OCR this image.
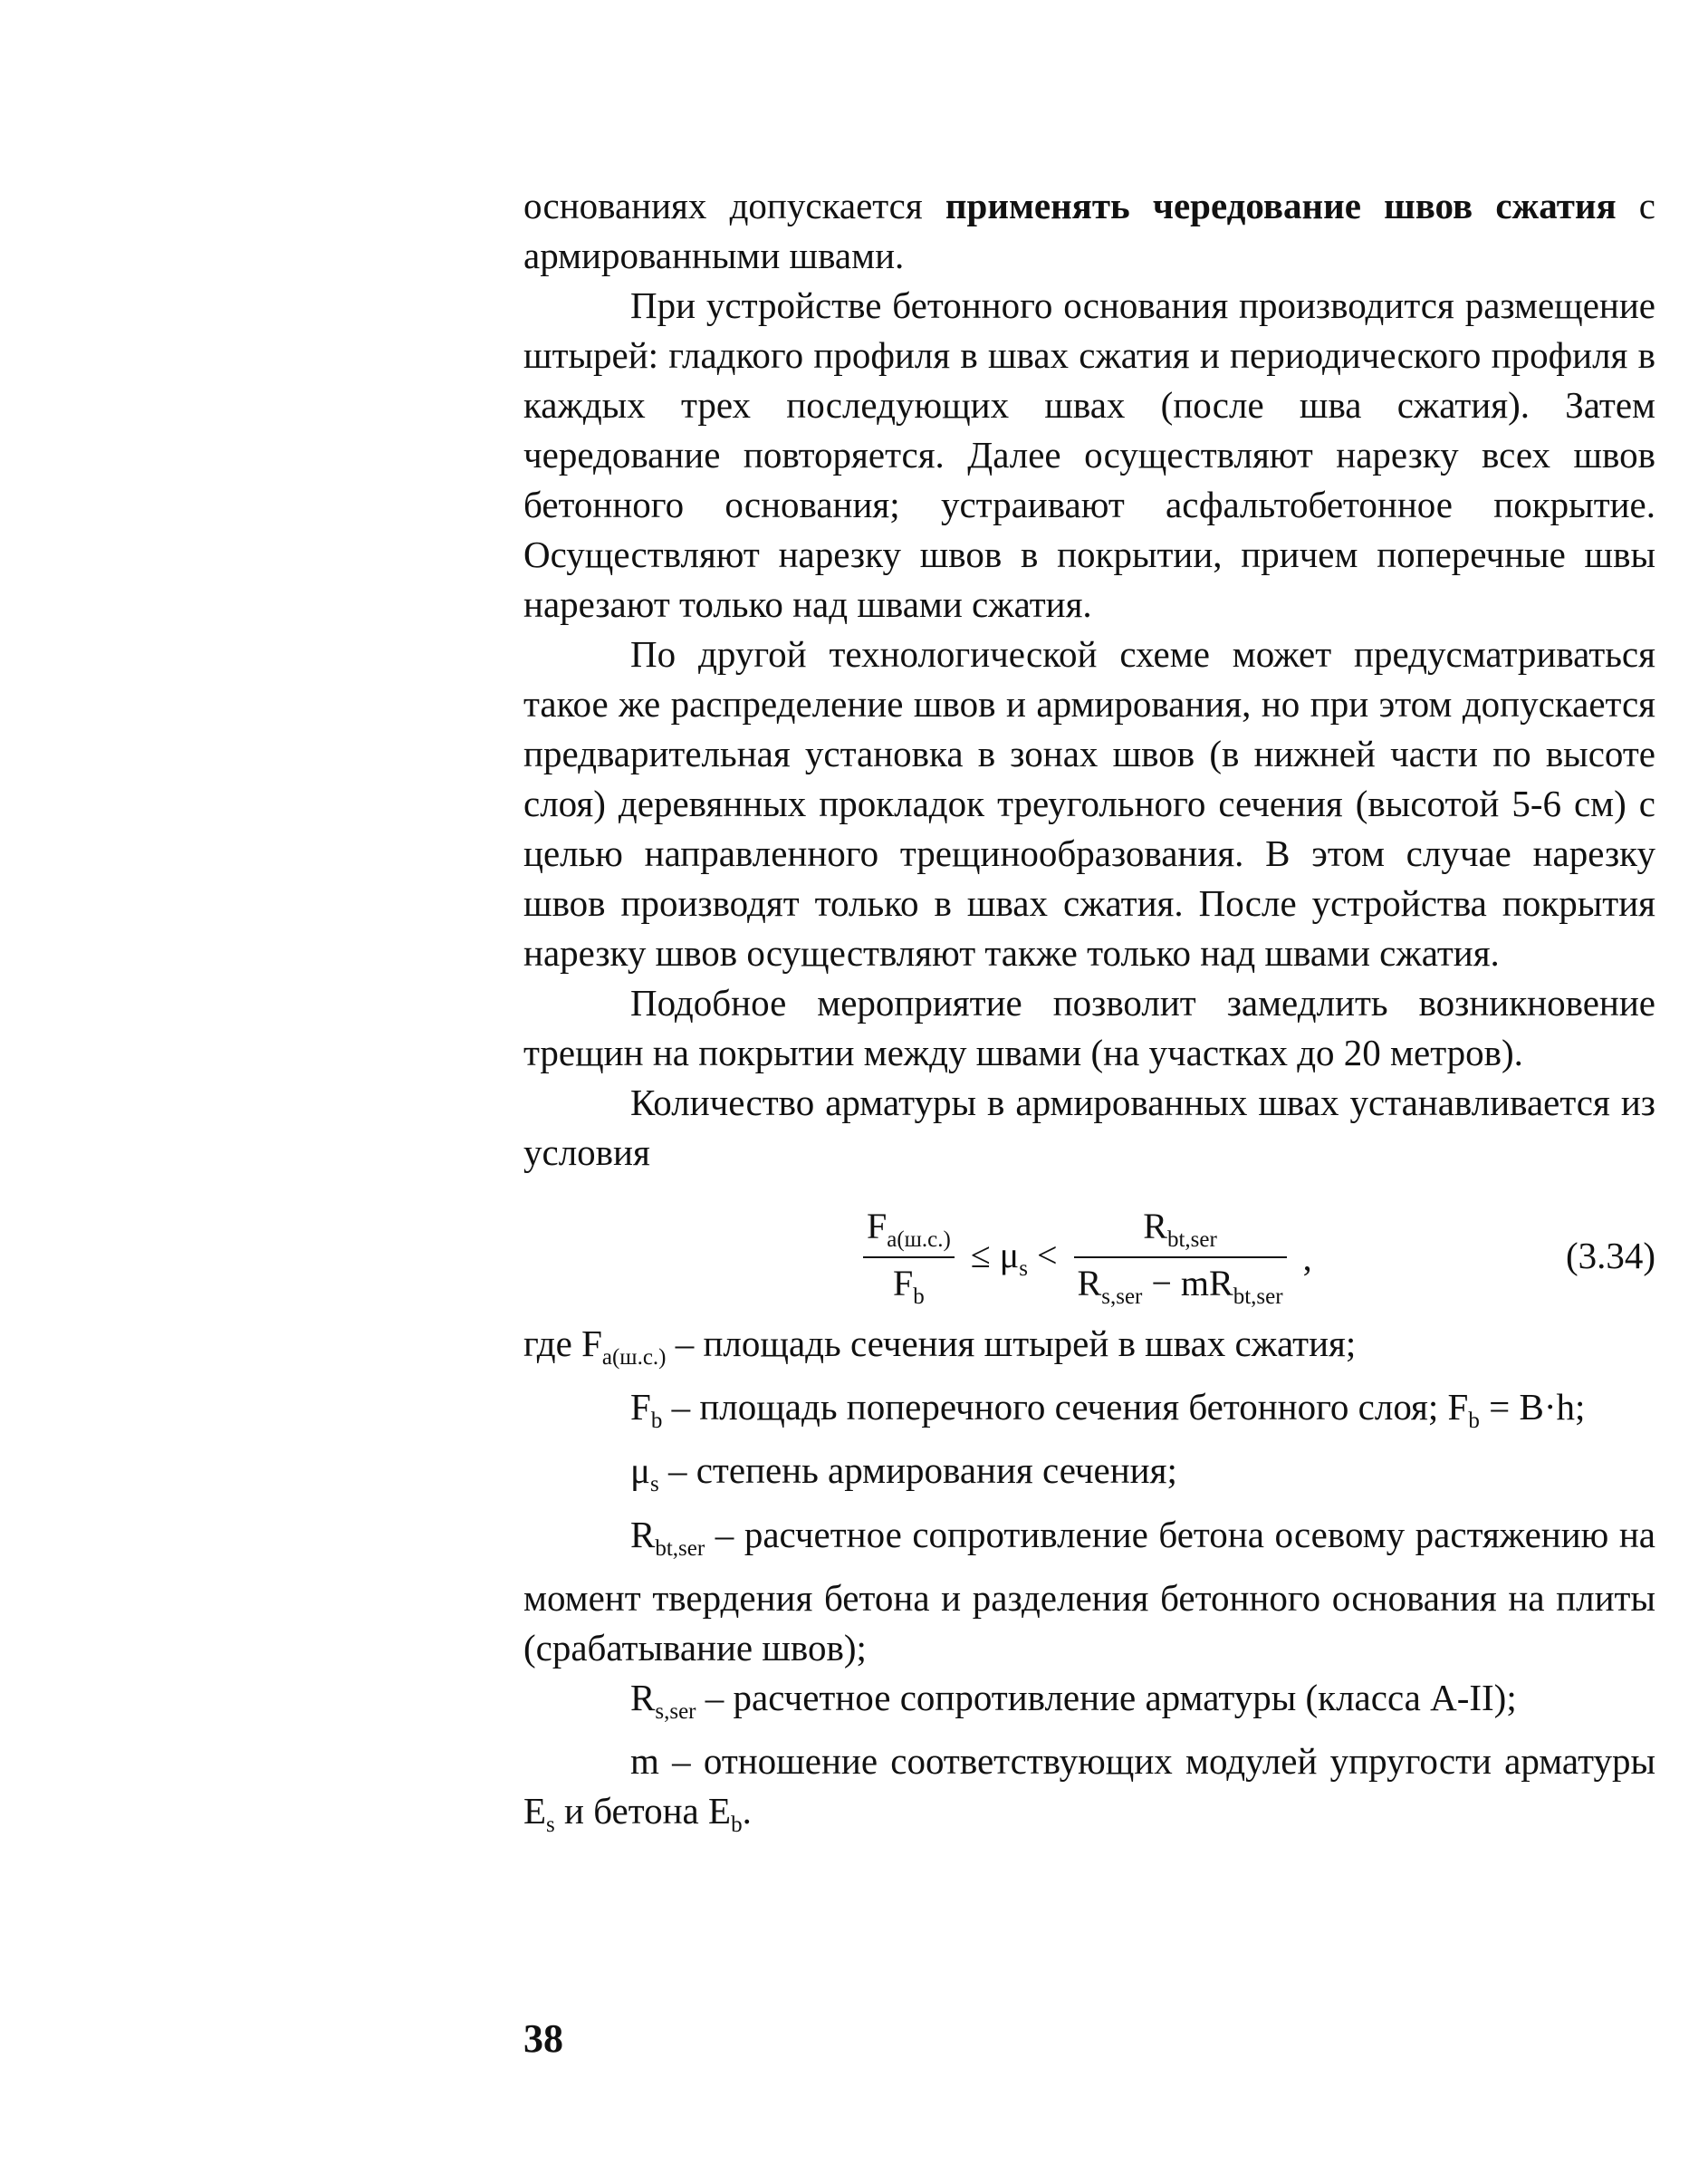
основаниях допускается применять чередование швов сжатия с армированными швами.

При устройстве бетонного основания производится размещение штырей: гладкого профиля в швах сжатия и периодического профиля в каждых трех последующих швах (после шва сжатия). Затем чередование повторяется. Далее осуществляют нарезку всех швов бетонного основания; устраивают асфальтобетонное покрытие. Осуществляют нарезку швов в покрытии, причем поперечные швы нарезают только над швами сжатия.

По другой технологической схеме может предусматриваться такое же распределение швов и армирования, но при этом допускается предварительная установка в зонах швов (в нижней части по высоте слоя) деревянных прокладок треугольного сечения (высотой 5-6 см) с целью направленного трещинообразования. В этом случае нарезку швов производят только в швах сжатия. После устройства покрытия нарезку швов осуществляют также только над швами сжатия.

Подобное мероприятие позволит замедлить возникновение трещин на покрытии между швами (на участках до 20 метров).

Количество арматуры в армированных швах устанавливается из условия

$\frac{F_{a(ш.с.)}}{F_b} \le \mu_s < \frac{R_{bt,ser}}{R_{s,ser} - mR_{bt,ser}}$ ,	(3.34)

где $F_{a(ш.с.)}$ – площадь сечения штырей в швах сжатия;

$F_b$ – площадь поперечного сечения бетонного слоя; $F_b = B\cdot h$;

$\mu_s$ – степень армирования сечения;

$R_{bt,ser}$ – расчетное сопротивление бетона осевому растяжению на момент твердения бетона и разделения бетонного основания на плиты (срабатывание швов);

$R_{s,ser}$ – расчетное сопротивление арматуры (класса А-II);

m – отношение соответствующих модулей упругости арматуры $E_s$ и бетона $E_b$.

38
